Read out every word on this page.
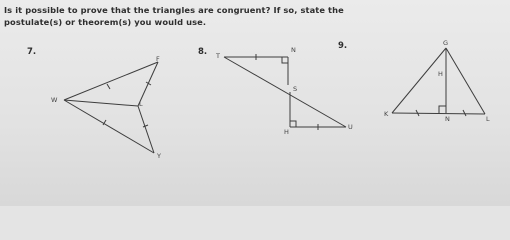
Is it possible to prove that the triangles are congruent? If so, state the
postulate(s) or theorem(s) you would use.
7.	8.
9.
F
W	L
Y
T
N
S
H
U
G
H
K
N	L
